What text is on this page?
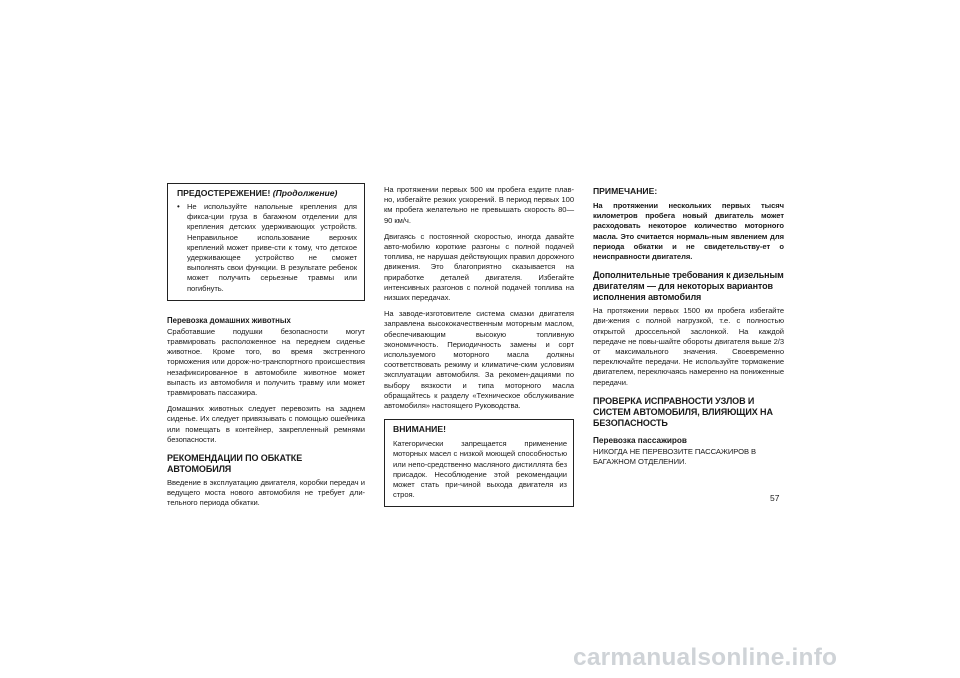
ПРЕДОСТЕРЕЖЕНИЕ! (Продолжение)
• Не используйте напольные крепления для фикса-ции груза в багажном отделении для крепления детских удерживающих устройств. Неправильное использование верхних креплений может приве-сти к тому, что детское удерживающее устройство не сможет выполнять свои функции. В результате ребенок может получить серьезные травмы или погибнуть.

Перевозка домашних животных

Сработавшие подушки безопасности могут травмировать расположенное на переднем сиденье животное. Кроме того, во время экстренного торможения или дорож-но-транспортного происшествия незафиксированное в автомобиле животное может выпасть из автомобиля и получить травму или может травмировать пассажира.

Домашних животных следует перевозить на заднем сиденье. Их следует привязывать с помощью ошейника или помещать в контейнер, закрепленный ремнями безопасности.

РЕКОМЕНДАЦИИ ПО ОБКАТКЕ АВТОМОБИЛЯ

Введение в эксплуатацию двигателя, коробки передач и ведущего моста нового автомобиля не требует дли-тельного периода обкатки.

На протяжении первых 500 км пробега ездите плав-но, избегайте резких ускорений. В период первых 100 км пробега желательно не превышать скорость 80—90 км/ч.

Двигаясь с постоянной скоростью, иногда давайте авто-мобилю короткие разгоны с полной подачей топлива, не нарушая действующих правил дорожного движения. Это благоприятно сказывается на приработке деталей двигателя. Избегайте интенсивных разгонов с полной подачей топлива на низших передачах.

На заводе-изготовителе система смазки двигателя заправлена высококачественным моторным маслом, обеспечивающим высокую топливную экономичность. Периодичность замены и сорт используемого моторного масла должны соответствовать режиму и климатиче-ским условиям эксплуатации автомобиля. За рекомен-дациями по выбору вязкости и типа моторного масла обращайтесь к разделу «Техническое обслуживание автомобиля» настоящего Руководства.

ВНИМАНИЕ!

Категорически запрещается применение моторных масел с низкой моющей способностью или непо-средственно масляного дистиллята без присадок. Несоблюдение этой рекомендации может стать при-чиной выхода двигателя из строя.

ПРИМЕЧАНИЕ:

На протяжении нескольких первых тысяч километров пробега новый двигатель может расходовать некоторое количество моторного масла. Это считается нормаль-ным явлением для периода обкатки и не свидетельству-ет о неисправности двигателя.

Дополнительные требования к дизельным двигателям — для некоторых вариантов исполнения автомобиля

На протяжении первых 1500 км пробега избегайте дви-жения с полной нагрузкой, т.е. с полностью открытой дроссельной заслонкой. На каждой передаче не повы-шайте обороты двигателя выше 2/3 от максимального значения. Своевременно переключайте передачи. Не используйте торможение двигателем, переключаясь намеренно на пониженные передачи.

ПРОВЕРКА ИСПРАВНОСТИ УЗЛОВ И СИСТЕМ АВТОМОБИЛЯ, ВЛИЯЮЩИХ НА БЕЗОПАСНОСТЬ
Перевозка пассажиров

НИКОГДА НЕ ПЕРЕВОЗИТЕ ПАССАЖИРОВ В БАГАЖНОМ ОТДЕЛЕНИИ.

57
carmanualsonline.info
